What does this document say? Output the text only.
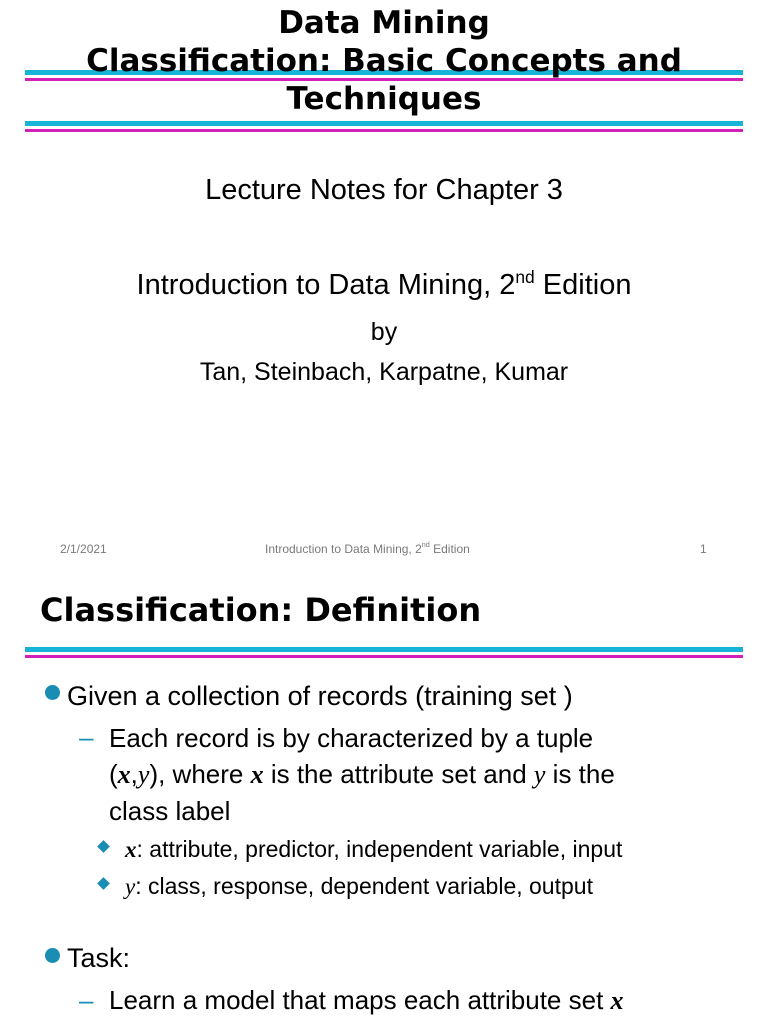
Data Mining

Classification: Basic Concepts and

Techniques

Lecture Notes for Chapter 3

Introduction to Data Mining, 2nd Edition

by

Tan, Steinbach, Karpatne, Kumar

2/1/2021	Introduction to Data Mining, 2nd Edition	1

Classification: Definition

Given a collection of records (training set )

– Each record is by characterized by a tuple
(x,y), where x is the attribute set and y is the
class label

x: attribute, predictor, independent variable, input

y: class, response, dependent variable, output

Task:

– Learn a model that maps each attribute set x
